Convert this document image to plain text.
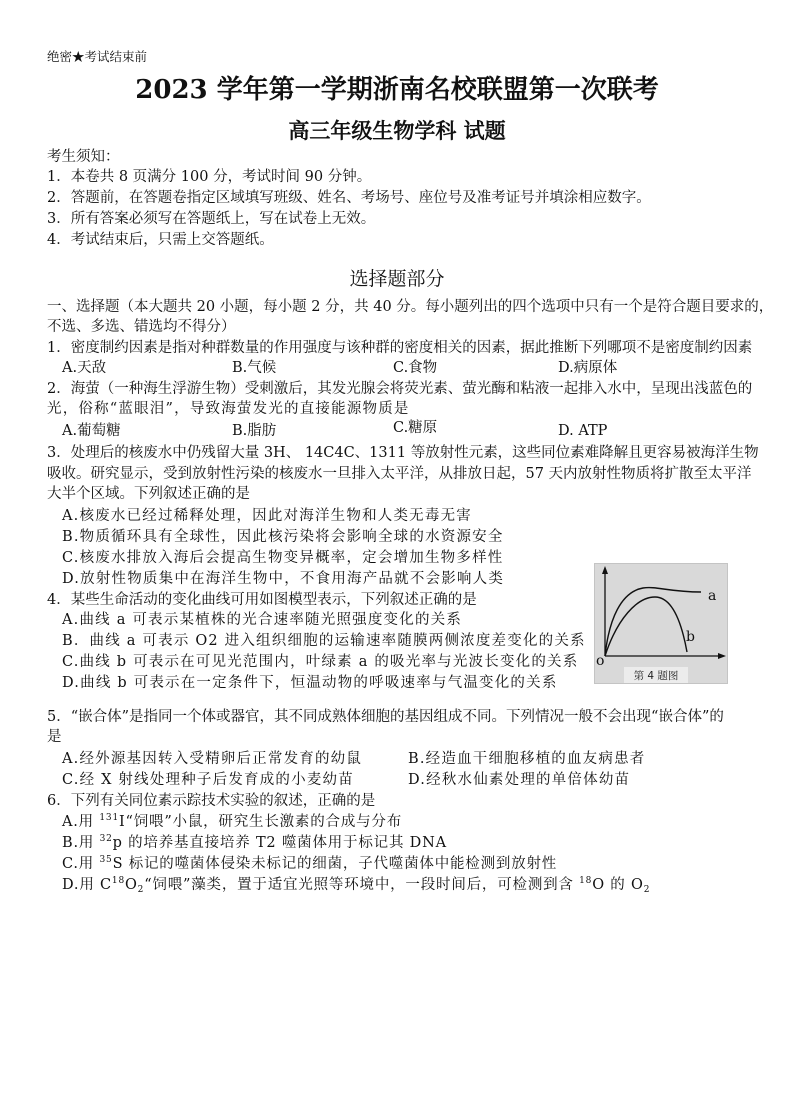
绝密★考试结束前
2023 学年第一学期浙南名校联盟第一次联考
高三年级生物学科 试题
考生须知：
1．本卷共 8 页满分 100 分，考试时间 90 分钟。
2．答题前，在答题卷指定区域填写班级、姓名、考场号、座位号及准考证号并填涂相应数字。
3．所有答案必须写在答题纸上，写在试卷上无效。
4．考试结束后，只需上交答题纸。
选择题部分
一、选择题（本大题共 20 小题，每小题 2 分，共 40 分。每小题列出的四个选项中只有一个是符合题目要求的，
不选、多选、错选均不得分）
1．密度制约因素是指对种群数量的作用强度与该种群的密度相关的因素，据此推断下列哪项不是密度制约因素
A.天敌	B.气候	C.食物	D.病原体
2．海萤（一种海生浮游生物）受刺激后，其发光腺会将荧光素、萤光酶和粘液一起排入水中，呈现出浅蓝色的
光，俗称“蓝眼泪”，导致海萤发光的直接能源物质是
A.葡萄糖	B.脂肪	C.糖原	D. ATP
3．处理后的核废水中仍残留大量 3H、 14C4C、1311 等放射性元素，这些同位素难降解且更容易被海洋生物
吸收。研究显示，受到放射性污染的核废水一旦排入太平洋，从排放日起，57 天内放射性物质将扩散至太平洋
大半个区域。下列叙述正确的是
A.核废水已经过稀释处理，因此对海洋生物和人类无毒无害
B.物质循环具有全球性，因此核污染将会影响全球的水资源安全
C.核废水排放入海后会提高生物变异概率，定会增加生物多样性
D.放射性物质集中在海洋生物中，不食用海产品就不会影响人类
4．某些生命活动的变化曲线可用如图模型表示，下列叙述正确的是
A.曲线 a 可表示某植株的光合速率随光照强度变化的关系
B．曲线 a 可表示 O2 进入组织细胞的运输速率随膜两侧浓度差变化的关系
C.曲线 b 可表示在可见光范围内，叶绿素 a 的吸光率与光波长变化的关系
D.曲线 b 可表示在一定条件下，恒温动物的呼吸速率与气温变化的关系
a
b
o
第 4 题图
5．“嵌合体”是指同一个体或器官，其不同成熟体细胞的基因组成不同。下列情况一般不会出现“嵌合体”的
是
A.经外源基因转入受精卵后正常发育的幼鼠	B.经造血干细胞移植的血友病患者
C.经 X 射线处理种子后发育成的小麦幼苗	D.经秋水仙素处理的单倍体幼苗
6．下列有关同位素示踪技术实验的叙述，正确的是
A.用 $^{131}$I“饲喂”小鼠，研究生长激素的合成与分布
B.用 $^{32}$p 的培养基直接培养 T2 噬菌体用于标记其 DNA
C.用 $^{35}$S 标记的噬菌体侵染未标记的细菌，子代噬菌体中能检测到放射性
D.用 $C^{18}O_2“$饲喂”藻类，置于适宜光照等环境中，一段时间后，可检测到含 $^{18}$O 的 $O_2$
